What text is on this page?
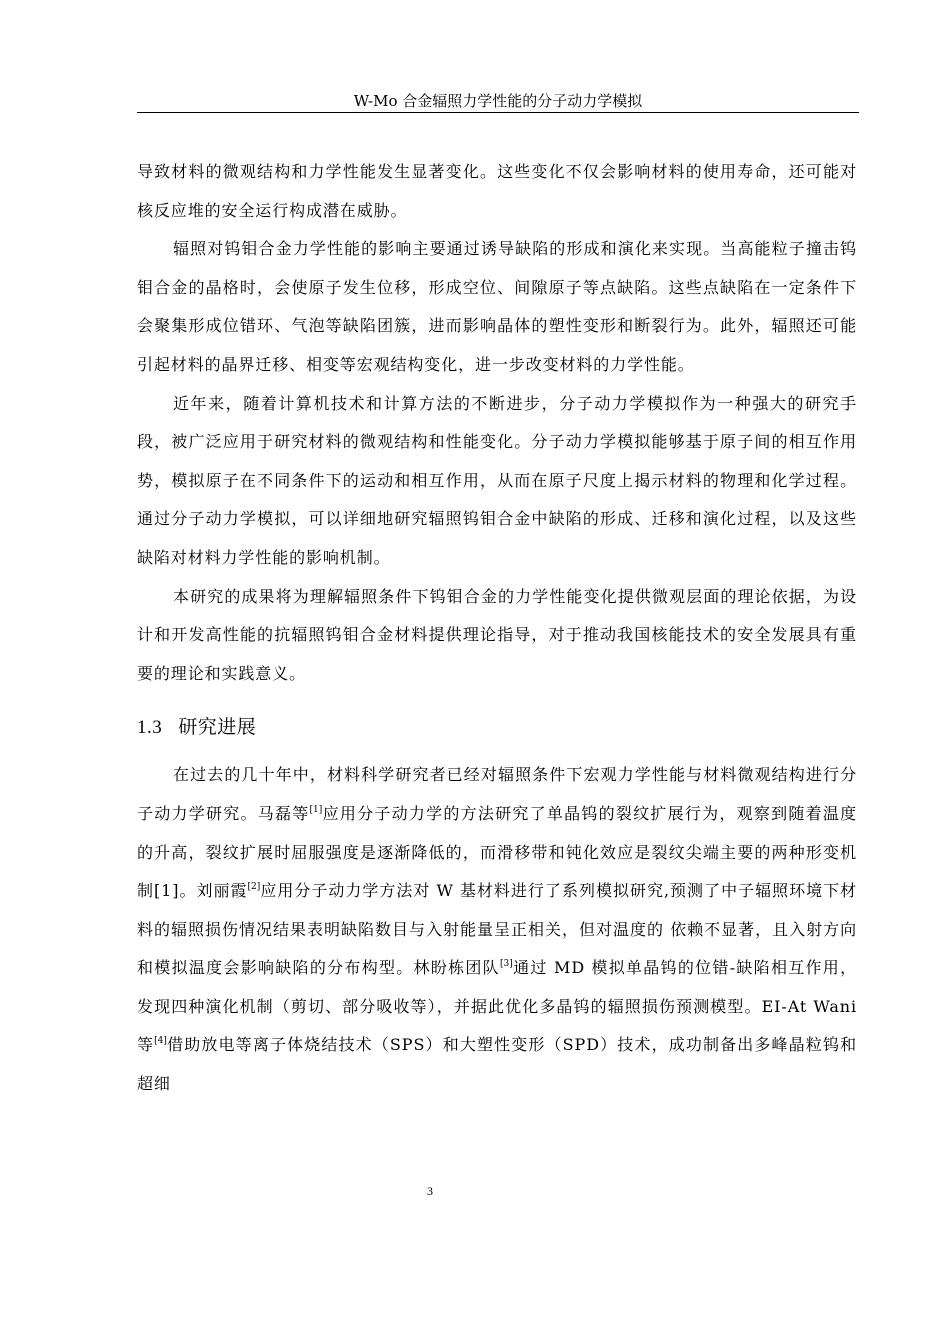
W-Mo 合金辐照力学性能的分子动力学模拟

导致材料的微观结构和力学性能发生显著变化。这些变化不仅会影响材料的使用寿命，还可能对核反应堆的安全运行构成潜在威胁。

辐照对钨钼合金力学性能的影响主要通过诱导缺陷的形成和演化来实现。当高能粒子撞击钨钼合金的晶格时，会使原子发生位移，形成空位、间隙原子等点缺陷。这些点缺陷在一定条件下会聚集形成位错环、气泡等缺陷团簇，进而影响晶体的塑性变形和断裂行为。此外，辐照还可能引起材料的晶界迁移、相变等宏观结构变化，进一步改变材料的力学性能。

近年来，随着计算机技术和计算方法的不断进步，分子动力学模拟作为一种强大的研究手段，被广泛应用于研究材料的微观结构和性能变化。分子动力学模拟能够基于原子间的相互作用势，模拟原子在不同条件下的运动和相互作用，从而在原子尺度上揭示材料的物理和化学过程。通过分子动力学模拟，可以详细地研究辐照钨钼合金中缺陷的形成、迁移和演化过程，以及这些缺陷对材料力学性能的影响机制。

本研究的成果将为理解辐照条件下钨钼合金的力学性能变化提供微观层面的理论依据，为设计和开发高性能的抗辐照钨钼合金材料提供理论指导，对于推动我国核能技术的安全发展具有重要的理论和实践意义。

1.3 研究进展

在过去的几十年中，材料科学研究者已经对辐照条件下宏观力学性能与材料微观结构进行分子动力学研究。马磊等[1]应用分子动力学的方法研究了单晶钨的裂纹扩展行为，观察到随着温度的升高，裂纹扩展时屈服强度是逐渐降低的，而滑移带和钝化效应是裂纹尖端主要的两种形变机制[1]。刘丽霞[2]应用分子动力学方法对 W 基材料进行了系列模拟研究,预测了中子辐照环境下材料的辐照损伤情况结果表明缺陷数目与入射能量呈正相关，但对温度的 依赖不显著，且入射方向和模拟温度会影响缺陷的分布构型。林盼栋团队[3]通过 MD 模拟单晶钨的位错-缺陷相互作用，发现四种演化机制（剪切、部分吸收等），并据此优化多晶钨的辐照损伤预测模型。EI-At Wani 等[4]借助放电等离子体烧结技术（SPS）和大塑性变形（SPD）技术，成功制备出多峰晶粒钨和超细

3
